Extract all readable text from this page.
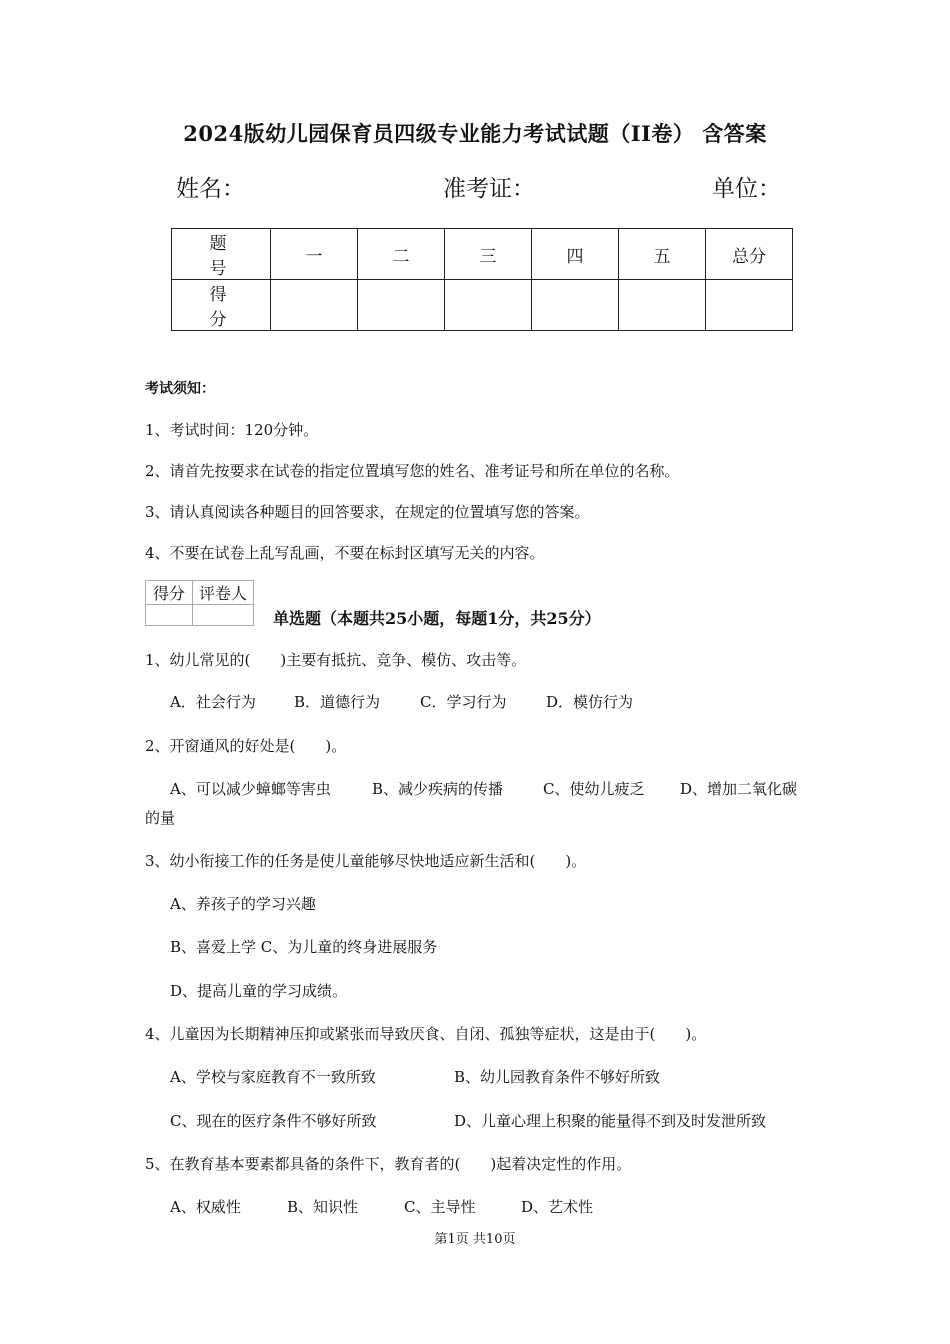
2024版幼儿园保育员四级专业能力考试试题（II卷） 含答案
姓名：	准考证：	单位：
题　号	一	二	三	四	五	总分
得　分						
考试须知：
1、考试时间：120分钟。
2、请首先按要求在试卷的指定位置填写您的姓名、准考证号和所在单位的名称。
3、请认真阅读各种题目的回答要求，在规定的位置填写您的答案。
4、不要在试卷上乱写乱画，不要在标封区填写无关的内容。
得分	评卷人

单选题（本题共25小题，每题1分，共25分）
1、幼儿常见的(　　)主要有抵抗、竞争、模仿、攻击等。
A．社会行为	B．道德行为	C．学习行为	D．模仿行为
2、开窗通风的好处是(　　)。
A、可以减少蟑螂等害虫	B、减少疾病的传播	C、使幼儿疲乏 D、增加二氧化碳
的量
3、幼小衔接工作的任务是使儿童能够尽快地适应新生活和(　　)。
A、养孩子的学习兴趣
B、喜爱上学 C、为儿童的终身进展服务
D、提高儿童的学习成绩。
4、儿童因为长期精神压抑或紧张而导致厌食、自闭、孤独等症状，这是由于(　　)。
A、学校与家庭教育不一致所致	B、幼儿园教育条件不够好所致
C、现在的医疗条件不够好所致	D、儿童心理上积聚的能量得不到及时发泄所致
5、在教育基本要素都具备的条件下，教育者的(　　)起着决定性的作用。
A、权威性	B、知识性	C、主导性	D、艺术性
第1页 共10页
